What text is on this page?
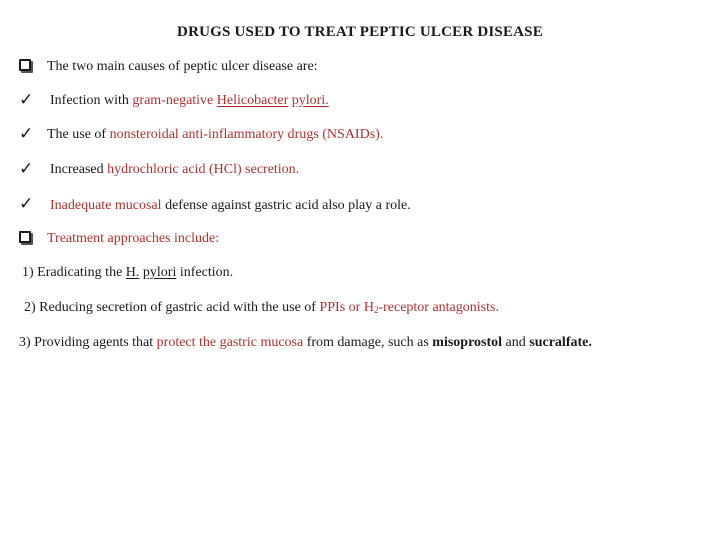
DRUGS USED TO TREAT PEPTIC ULCER DISEASE
The two main causes of peptic ulcer disease are:
✓ Infection with gram-negative Helicobacter pylori.
✓ The use of nonsteroidal anti-inflammatory drugs (NSAIDs).
✓ Increased hydrochloric acid (HCl) secretion.
✓ Inadequate mucosal defense against gastric acid also play a role.
Treatment approaches include:
1) Eradicating the H. pylori infection.
2) Reducing secretion of gastric acid with the use of PPIs or $H_2$-receptor antagonists.
3) Providing agents that protect the gastric mucosa from damage, such as misoprostol and sucralfate.
